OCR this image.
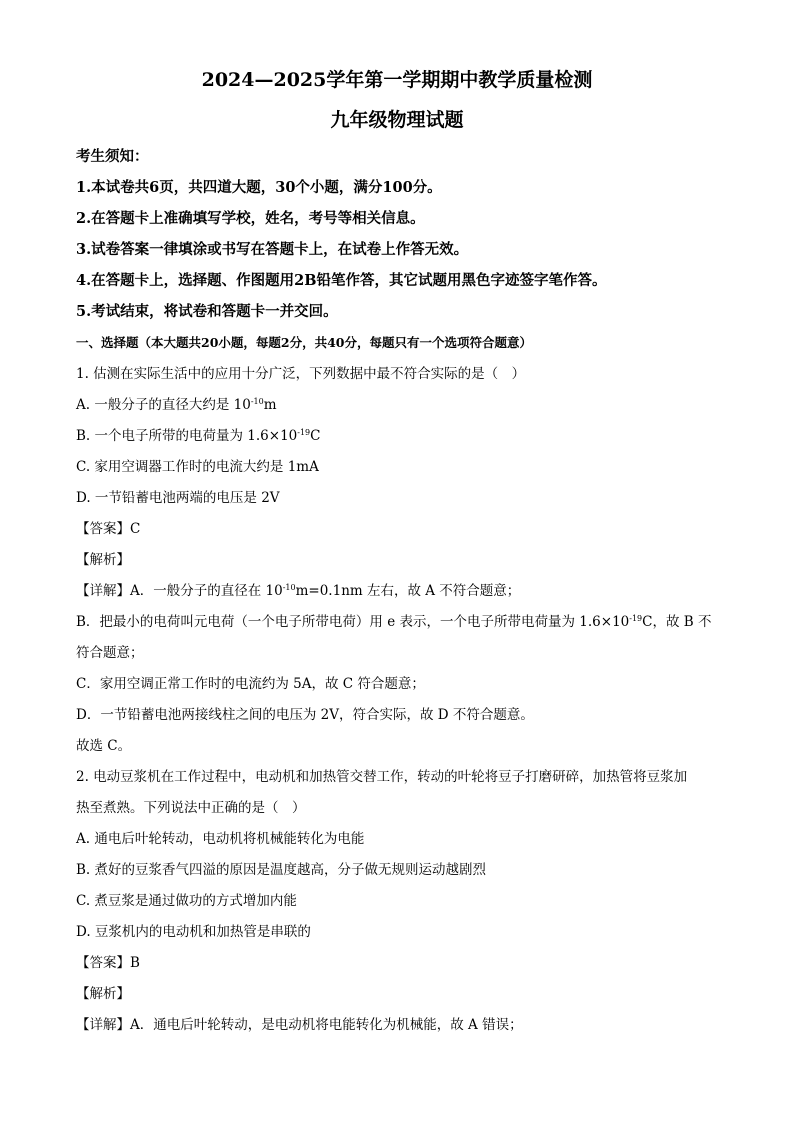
2024—2025学年第一学期期中教学质量检测
九年级物理试题
考生须知：
1.本试卷共6页，共四道大题，30个小题，满分100分。
2.在答题卡上准确填写学校，姓名，考号等相关信息。
3.试卷答案一律填涂或书写在答题卡上，在试卷上作答无效。
4.在答题卡上，选择题、作图题用2B铅笔作答，其它试题用黑色字迹签字笔作答。
5.考试结束，将试卷和答题卡一并交回。
一、选择题（本大题共20小题，每题2分，共40分，每题只有一个选项符合题意）
1. 估测在实际生活中的应用十分广泛，下列数据中最不符合实际的是（　）
A. 一般分子的直径大约是 $10^{-10}m$
B. 一个电子所带的电荷量为 $1.6\times 10^{-19}C$
C. 家用空调器工作时的电流大约是 1mA
D. 一节铅蓄电池两端的电压是 2V
【答案】C
【解析】
【详解】A．一般分子的直径在 $10^{-10}m=0.1nm$ 左右，故 A 不符合题意；
B．把最小的电荷叫元电荷（一个电子所带电荷）用 e 表示，一个电子所带电荷量为 $1.6\times 10^{-19}C$，故 B 不
符合题意；
C．家用空调正常工作时的电流约为 5A，故 C 符合题意；
D．一节铅蓄电池两接线柱之间的电压为 2V，符合实际，故 D 不符合题意。
故选 C。
2. 电动豆浆机在工作过程中，电动机和加热管交替工作，转动的叶轮将豆子打磨研碎，加热管将豆浆加
热至煮熟。下列说法中正确的是（　）
A. 通电后叶轮转动，电动机将机械能转化为电能
B. 煮好的豆浆香气四溢的原因是温度越高，分子做无规则运动越剧烈
C. 煮豆浆是通过做功的方式增加内能
D. 豆浆机内的电动机和加热管是串联的
【答案】B
【解析】
【详解】A．通电后叶轮转动，是电动机将电能转化为机械能，故 A 错误；
